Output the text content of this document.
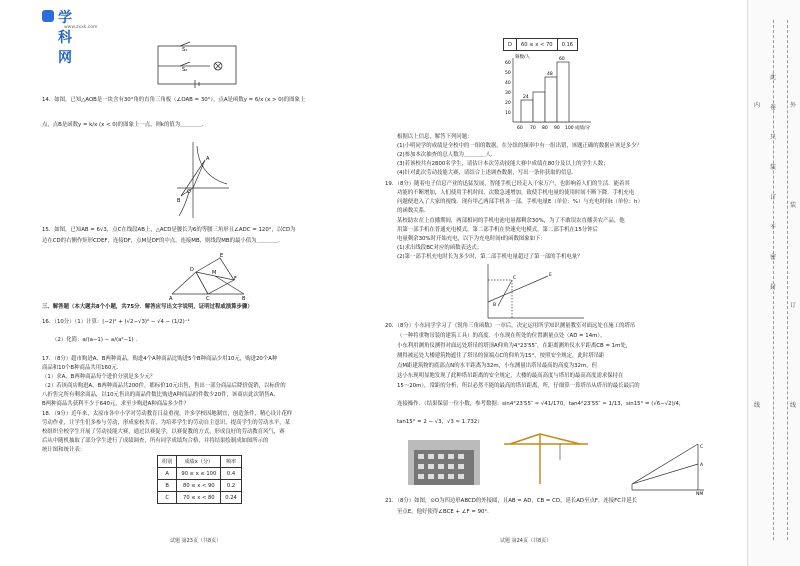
学科网
www.zxxk.com
S₁
S₂
14．如图，已知△AOB是一块含有30°角的直角三角板（∠OAB = 30°），点A是函数y = 6/x (x > 0)的图象上
点，点B是函数y = k/x (x < 0)的图象上一点，则k的值为＿＿＿＿．
O
A
B
15．如图，已知AB = 6√3，点C在线段AB上，△ACD是腰长为6的等腰三角形且∠ADC = 120°，以CD为
边在CD的右侧作矩形CDEF，连接DF，点M是DF的中点，连接MB，则线段MB的最小值为＿＿＿＿．
A	C	B
D
E
F
M
三、解答题（本大题共8个小题，共75分．解答应写出文字说明，证明过程或演算步骤）
16．（10分）（1）计算：(−2)² + (√2−√3)⁰ − √4 − (1/2)⁻¹
（2）化简：a/(a−1) − a/(a²−1) ．
17．（8分）超市购进A、B两种商品，购进4个A种商品比购进5个B种商品少用10元，购进20个A种
商品和10个B种商品共用160元．
（1）求A、B两种商品每个进价分别是多少元？
（2）若该商店购进A、B两种商品共200件，都标价10元出售，售出一部分商品后降价促销，以标价的
八折售完所有剩余商品，以10元售出的商品件数比购进A种商品的件数少20件，该商店此次销售A、
B两种商品共获利不少于640元，求至少购进A种商品多少件？
18．（9分）近年来，太原市各中小学对劳动教育日益重视，许多学校因地制宜，创造条件，精心设计花样
劳动作业，让学生们多参与劳动，形成家校共育，为培养学生的劳动自主意识，提高学生的劳动水平，某
校组织全校学生开展了劳动技能大赛，通过以赛促学，以赛促教的方式，形成良好的劳动教育风气，赛
后从中随机抽取了部分学生进行了成绩调查，所有同学成绩均合格，并将结果绘制成如图所示的
统计图和统计表：
组别	成绩x（分）	频率
A	90 ≤ x ≤ 100	0.4
B	80 ≤ x < 90	0.2
C	70 ≤ x < 80	0.24
试题 第23页（共8页）
D	60 ≤ x < 70	0.16
频数/人
60
50
40
30
20
10
24
48
60
60 70 80 90 100 成绩/分
根据以上信息，解答下列问题：
(1)小明同学的成绩是全校中的一组的数据，在分组的频率中有一组出错，该题正确的数据应该是多少？
(2)参加本次抽查的总人数为＿＿＿＿人．
(3)若该校共有2800名学生，请估计本次劳动技能大赛中成绩在80分及以上的学生人数；
(4)针对此次劳动技能大赛，请结合上述调查数据，写出一条你获取的信息．
19．（8分）随着电子信息产业的迅猛发展，智能手机已经走入千家万户，也影响着人们的生活．能着其
功能的不断增加，人们使用手机时间、次数急速增加，致使手机电量的使用时间不断下降．手机充电
问题便进入了大家的视线．现有甲乙两部手机各一部，手机电量E（单位：%）与充电时间t（单位：h）
的函数关系．
某校助农在上直播期间，两部相同的手机电池电量都剩余30%，为了不敢误农直播卖农产品，他
用第一部手机在普通充电模式，第二部手机在快速充电模式，第二部手机在15分钟后
电量剩余30%时开始充电，以下为充电时间t的函数图象如下：
(1)求出线段BC对应的函数表达式；
(2)第一部手机充电时长为多少时，第二部手机电量超过了第一部的手机电量？
E
C
B
20．（8分）小东同学学习了《锐角三角函数》一章后，决定运用所学知识测量教室对面远处在施工的塔吊
（一种将重物吊装的建筑工具）的高度．小东现在所处的位置测量点处（AD = 14m），
小东利用测角仪测得对面远处塔吊的塔顶A仰角为4°23′55″，在距离测角仪水平距离CB = 1m处，
测得被远处大楼建筑物遮住了塔吊的顶端点C的仰角为15°，按照安全规定，此时塔吊距
点M距建筑物的底部点N的水平距离为32m，小东测量出塔吊最高的高度为32m，但
这小东现明显地发现了此种塔吊距离的安全规定，大楼的最高高度与塔吊的最高高度需求保持在
15～20m），常距的分析，所以必然不能的最高的塔吊距离，所，仔细算一算塔吊从塔吊的最长最后的
连接操作．（结果保留一位小数，参考数据：sin4°23′55″ ≈ √41/170，tan4°23′55″ ≈ 1/13，sin15° = (√6−√2)/4，
tan15° = 2 − √3，√3 ≈ 1.732）
C
A
NM
21．（8分）如图，⊙O为四边形ABCD的外接圆，且AB = AD，CB = CD，延长AD至点F，连接FC并延长
至点E，他好使得∠BCE + ∠F = 90°．
试题 第24页（共8页）
此
卷
只
装
订
不
密
封
内
线
外
装
订
线
